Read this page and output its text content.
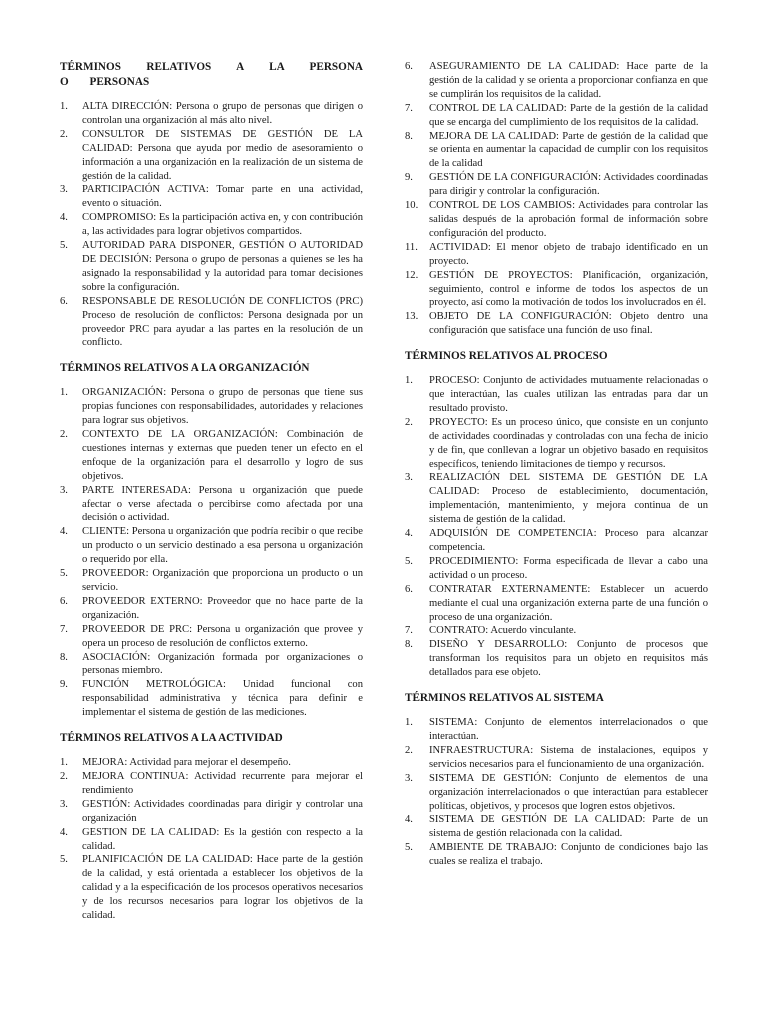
TÉRMINOS RELATIVOS A LA PERSONA O PERSONAS
1. ALTA DIRECCIÓN: Persona o grupo de personas que dirigen o controlan una organización al más alto nivel.
2. CONSULTOR DE SISTEMAS DE GESTIÓN DE LA CALIDAD: Persona que ayuda por medio de asesoramiento o información a una organización en la realización de un sistema de gestión de la calidad.
3. PARTICIPACIÓN ACTIVA: Tomar parte en una actividad, evento o situación.
4. COMPROMISO: Es la participación activa en, y con contribución a, las actividades para lograr objetivos compartidos.
5. AUTORIDAD PARA DISPONER, GESTIÓN O AUTORIDAD DE DECISIÓN: Persona o grupo de personas a quienes se les ha asignado la responsabilidad y la autoridad para tomar decisiones sobre la configuración.
6. RESPONSABLE DE RESOLUCIÓN DE CONFLICTOS (PRC) Proceso de resolución de conflictos: Persona designada por un proveedor PRC para ayudar a las partes en la resolución de un conflicto.
TÉRMINOS RELATIVOS A LA ORGANIZACIÓN
1. ORGANIZACIÓN: Persona o grupo de personas que tiene sus propias funciones con responsabilidades, autoridades y relaciones para lograr sus objetivos.
2. CONTEXTO DE LA ORGANIZACIÓN: Combinación de cuestiones internas y externas que pueden tener un efecto en el enfoque de la organización para el desarrollo y logro de sus objetivos.
3. PARTE INTERESADA: Persona u organización que puede afectar o verse afectada o percibirse como afectada por una decisión o actividad.
4. CLIENTE: Persona u organización que podría recibir o que recibe un producto o un servicio destinado a esa persona u organización o requerido por ella.
5. PROVEEDOR: Organización que proporciona un producto o un servicio.
6. PROVEEDOR EXTERNO: Proveedor que no hace parte de la organización.
7. PROVEEDOR DE PRC: Persona u organización que provee y opera un proceso de resolución de conflictos externo.
8. ASOCIACIÓN: Organización formada por organizaciones o personas miembro.
9. FUNCIÓN METROLÓGICA: Unidad funcional con responsabilidad administrativa y técnica para definir e implementar el sistema de gestión de las mediciones.
TÉRMINOS RELATIVOS A LA ACTIVIDAD
1. MEJORA: Actividad para mejorar el desempeño.
2. MEJORA CONTINUA: Actividad recurrente para mejorar el rendimiento
3. GESTIÓN: Actividades coordinadas para dirigir y controlar una organización
4. GESTION DE LA CALIDAD: Es la gestión con respecto a la calidad.
5. PLANIFICACIÓN DE LA CALIDAD: Hace parte de la gestión de la calidad, y está orientada a establecer los objetivos de la calidad y a la especificación de los procesos operativos necesarios y de los recursos necesarios para lograr los objetivos de la calidad.
6. ASEGURAMIENTO DE LA CALIDAD: Hace parte de la gestión de la calidad y se orienta a proporcionar confianza en que se cumplirán los requisitos de la calidad.
7. CONTROL DE LA CALIDAD: Parte de la gestión de la calidad que se encarga del cumplimiento de los requisitos de la calidad.
8. MEJORA DE LA CALIDAD: Parte de gestión de la calidad que se orienta en aumentar la capacidad de cumplir con los requisitos de la calidad
9. GESTIÓN DE LA CONFIGURACIÓN: Actividades coordinadas para dirigir y controlar la configuración.
10. CONTROL DE LOS CAMBIOS: Actividades para controlar las salidas después de la aprobación formal de información sobre configuración del producto.
11. ACTIVIDAD: El menor objeto de trabajo identificado en un proyecto.
12. GESTIÓN DE PROYECTOS: Planificación, organización, seguimiento, control e informe de todos los aspectos de un proyecto, así como la motivación de todos los involucrados en él.
13. OBJETO DE LA CONFIGURACIÓN: Objeto dentro una configuración que satisface una función de uso final.
TÉRMINOS RELATIVOS AL PROCESO
1. PROCESO: Conjunto de actividades mutuamente relacionadas o que interactúan, las cuales utilizan las entradas para dar un resultado provisto.
2. PROYECTO: Es un proceso único, que consiste en un conjunto de actividades coordinadas y controladas con una fecha de inicio y de fin, que conllevan a lograr un objetivo basado en requisitos específicos, teniendo limitaciones de tiempo y recursos.
3. REALIZACIÓN DEL SISTEMA DE GESTIÓN DE LA CALIDAD: Proceso de establecimiento, documentación, implementación, mantenimiento, y mejora continua de un sistema de gestión de la calidad.
4. ADQUISIÓN DE COMPETENCIA: Proceso para alcanzar competencia.
5. PROCEDIMIENTO: Forma especificada de llevar a cabo una actividad o un proceso.
6. CONTRATAR EXTERNAMENTE: Establecer un acuerdo mediante el cual una organización externa parte de una función o proceso de una organización.
7. CONTRATO: Acuerdo vinculante.
8. DISEÑO Y DESARROLLO: Conjunto de procesos que transforman los requisitos para un objeto en requisitos más detallados para ese objeto.
TÉRMINOS RELATIVOS AL SISTEMA
1. SISTEMA: Conjunto de elementos interrelacionados o que interactúan.
2. INFRAESTRUCTURA: Sistema de instalaciones, equipos y servicios necesarios para el funcionamiento de una organización.
3. SISTEMA DE GESTIÓN: Conjunto de elementos de una organización interrelacionados o que interactúan para establecer políticas, objetivos, y procesos que logren estos objetivos.
4. SISTEMA DE GESTIÓN DE LA CALIDAD: Parte de un sistema de gestión relacionada con la calidad.
5. AMBIENTE DE TRABAJO: Conjunto de condiciones bajo las cuales se realiza el trabajo.
